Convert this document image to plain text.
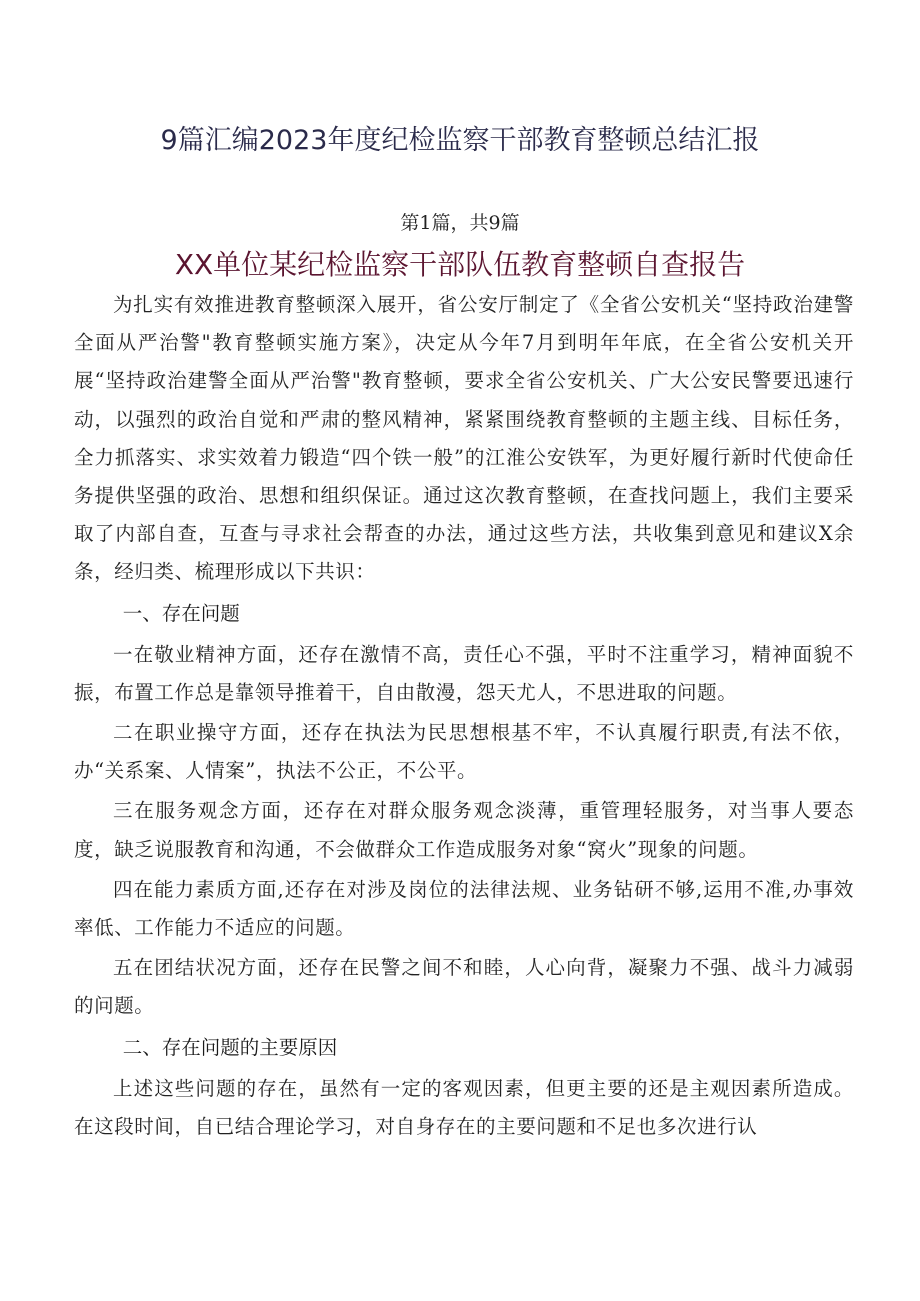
9篇汇编2023年度纪检监察干部教育整顿总结汇报
第1篇，共9篇
XX单位某纪检监察干部队伍教育整顿自查报告

为扎实有效推进教育整顿深入展开，省公安厅制定了《全省公安机关“坚持政治建警全面从严治警"教育整顿实施方案》，决定从今年7月到明年年底，在全省公安机关开展“坚持政治建警全面从严治警"教育整顿，要求全省公安机关、广大公安民警要迅速行动，以强烈的政治自觉和严肃的整风精神，紧紧围绕教育整顿的主题主线、目标任务，全力抓落实、求实效着力锻造“四个铁一般”的江淮公安铁军，为更好履行新时代使命任务提供坚强的政治、思想和组织保证。通过这次教育整顿，在查找问题上，我们主要采取了内部自查，互查与寻求社会帮查的办法，通过这些方法，共收集到意见和建议X余条，经归类、梳理形成以下共识：

一、存在问题

一在敬业精神方面，还存在激情不高，责任心不强，平时不注重学习，精神面貌不振，布置工作总是靠领导推着干，自由散漫，怨天尤人，不思进取的问题。

二在职业操守方面，还存在执法为民思想根基不牢，不认真履行职责,有法不依，办“关系案、人情案”，执法不公正，不公平。

三在服务观念方面，还存在对群众服务观念淡薄，重管理轻服务，对当事人要态度，缺乏说服教育和沟通，不会做群众工作造成服务对象“窝火”现象的问题。

四在能力素质方面,还存在对涉及岗位的法律法规、业务钻研不够,运用不准,办事效率低、工作能力不适应的问题。

五在团结状况方面，还存在民警之间不和睦，人心向背，凝聚力不强、战斗力减弱的问题。

二、存在问题的主要原因

上述这些问题的存在，虽然有一定的客观因素，但更主要的还是主观因素所造成。在这段时间，自已结合理论学习，对自身存在的主要问题和不足也多次进行认
